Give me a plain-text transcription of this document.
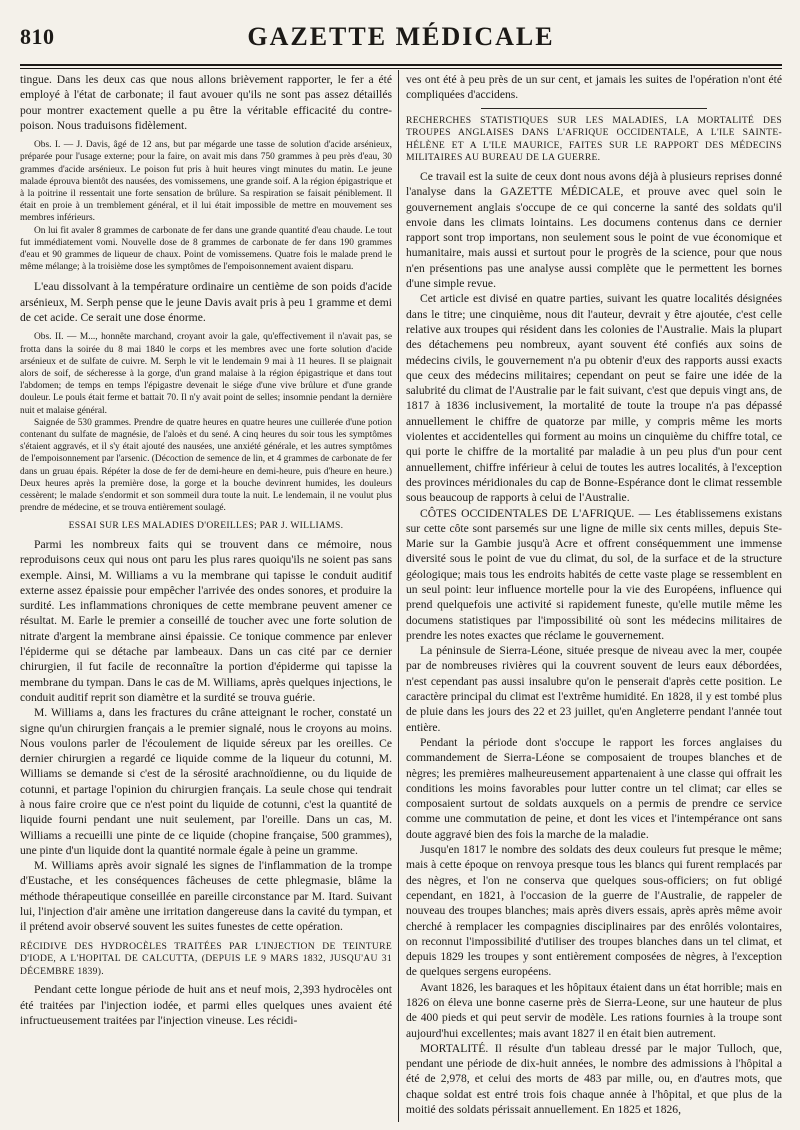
810	GAZETTE MÉDICALE

tingue. Dans les deux cas que nous allons brièvement rapporter, le fer a été employé à l'état de carbonate; il faut avouer qu'ils ne sont pas assez détaillés pour montrer exactement quelle a pu être la véritable efficacité du contre-poison. Nous traduisons fidèlement.

Obs. I. — J. Davis, âgé de 12 ans, but par mégarde une tasse de solution d'acide arsénieux, préparée pour l'usage externe; pour la faire, on avait mis dans 750 grammes à peu près d'eau, 30 grammes d'acide arsénieux. Le poison fut pris à huit heures vingt minutes du matin. Le jeune malade éprouva bientôt des nausées, des vomissemens, une grande soif. A la région épigastrique et à la poitrine il ressentait une forte sensation de brûlure. Sa respiration se faisait péniblement. Il était en proie à un tremblement général, et il lui était impossible de mettre en mouvement ses membres inférieurs.

On lui fit avaler 8 grammes de carbonate de fer dans une grande quantité d'eau chaude. Le tout fut immédiatement vomi. Nouvelle dose de 8 grammes de carbonate de fer dans 190 grammes d'eau et 90 grammes de liqueur de chaux. Point de vomissemens. Quatre fois le malade prend le même mélange; à la troisième dose les symptômes de l'empoisonnement avaient disparu.

L'eau dissolvant à la température ordinaire un centième de son poids d'acide arsénieux, M. Serph pense que le jeune Davis avait pris à peu 1 gramme et demi de cet acide. Ce serait une dose énorme.

Obs. II. — M..., honnête marchand, croyant avoir la gale, qu'effectivement il n'avait pas, se frotta dans la soirée du 8 mai 1840 le corps et les membres avec une forte solution d'acide arsénieux et de sulfate de cuivre. M. Serph le vit le lendemain 9 mai à 11 heures. Il se plaignait alors de soif, de sécheresse à la gorge, d'un grand malaise à la région épigastrique et dans tout l'abdomen; de temps en temps l'épigastre devenait le siége d'une vive brûlure et d'une grande douleur. Le pouls était ferme et battait 70. Il n'y avait point de selles; insomnie pendant la dernière nuit et malaise général.

Saignée de 530 grammes. Prendre de quatre heures en quatre heures une cuillerée d'une potion contenant du sulfate de magnésie, de l'aloès et du sené. A cinq heures du soir tous les symptômes s'étaient aggravés, et il s'y était ajouté des nausées, une anxiété générale, et les autres symptômes de l'empoisonnement par l'arsenic. (Décoction de semence de lin, et 4 grammes de carbonate de fer dans un gruau épais. Répéter la dose de fer de demi-heure en demi-heure, puis d'heure en heure.) Deux heures après la première dose, la gorge et la bouche devinrent humides, les douleurs cessèrent; le malade s'endormit et son sommeil dura toute la nuit. Le lendemain, il ne voulut plus prendre de médecine, et se trouva entièrement soulagé.

ESSAI SUR LES MALADIES D'OREILLES; PAR J. WILLIAMS.

Parmi les nombreux faits qui se trouvent dans ce mémoire, nous reproduisons ceux qui nous ont paru les plus rares quoiqu'ils ne soient pas sans exemple. Ainsi, M. Williams a vu la membrane qui tapisse le conduit auditif externe assez épaissie pour empêcher l'arrivée des ondes sonores, et produire la surdité. Les inflammations chroniques de cette membrane peuvent amener ce résultat. M. Earle le premier a conseillé de toucher avec une forte solution de nitrate d'argent la membrane ainsi épaissie. Ce tonique commence par enlever l'épiderme qui se détache par lambeaux. Dans un cas cité par ce dernier chirurgien, il fut facile de reconnaître la portion d'épiderme qui tapisse la membrane du tympan. Dans le cas de M. Williams, après quelques injections, le conduit auditif reprit son diamètre et la surdité se trouva guérie.

M. Williams a, dans les fractures du crâne atteignant le rocher, constaté un signe qu'un chirurgien français a le premier signalé, nous le croyons au moins. Nous voulons parler de l'écoulement de liquide séreux par les oreilles. Ce dernier chirurgien a regardé ce liquide comme de la liqueur du cotunni, M. Williams se demande si c'est de la sérosité arachnoïdienne, ou du liquide de cotunni, et partage l'opinion du chirurgien français. La seule chose qui tendrait à nous faire croire que ce n'est point du liquide de cotunni, c'est la quantité de liquide fourni pendant une nuit seulement, par l'oreille. Dans un cas, M. Williams a recueilli une pinte de ce liquide (chopine française, 500 grammes), une pinte d'un liquide dont la quantité normale égale à peine un gramme.

M. Williams après avoir signalé les signes de l'inflammation de la trompe d'Eustache, et les conséquences fâcheuses de cette phlegmasie, blâme la méthode thérapeutique conseillée en pareille circonstance par M. Itard. Suivant lui, l'injection d'air amène une irritation dangereuse dans la cavité du tympan, et il prétend avoir observé souvent les suites funestes de cette opération.

RÉCIDIVE DES HYDROCÈLES TRAITÉES PAR L'INJECTION DE TEINTURE D'IODE, A L'HOPITAL DE CALCUTTA, (DEPUIS LE 9 MARS 1832, JUSQU'AU 31 DÉCEMBRE 1839).

Pendant cette longue période de huit ans et neuf mois, 2,393 hydrocèles ont été traitées par l'injection iodée, et parmi elles quelques unes avaient été infructueusement traitées par l'injection vineuse. Les récidi-

ves ont été à peu près de un sur cent, et jamais les suites de l'opération n'ont été compliquées d'accidens.

RECHERCHES STATISTIQUES SUR LES MALADIES, LA MORTALITÉ DES TROUPES ANGLAISES DANS L'AFRIQUE OCCIDENTALE, A L'ILE SAINTE-HÉLÈNE ET A L'ILE MAURICE, FAITES SUR LE RAPPORT DES MÉDECINS MILITAIRES AU BUREAU DE LA GUERRE.

Ce travail est la suite de ceux dont nous avons déjà à plusieurs reprises donné l'analyse dans la GAZETTE MÉDICALE, et prouve avec quel soin le gouvernement anglais s'occupe de ce qui concerne la santé des soldats qu'il envoie dans les climats lointains. Les documens contenus dans ce dernier rapport sont trop importans, non seulement sous le point de vue économique et humanitaire, mais aussi et surtout pour le progrès de la science, pour que nous n'en présentions pas une analyse aussi complète que le permettent les bornes d'une simple revue.

Cet article est divisé en quatre parties, suivant les quatre localités désignées dans le titre; une cinquième, nous dit l'auteur, devrait y être ajoutée, c'est celle relative aux troupes qui résident dans les colonies de l'Australie. Mais la plupart des détachemens peu nombreux, ayant souvent été confiés aux soins de médecins civils, le gouvernement n'a pu obtenir d'eux des rapports aussi exacts que ceux des médecins militaires; cependant on peut se faire une idée de la salubrité du climat de l'Australie par le fait suivant, c'est que depuis vingt ans, de 1817 à 1836 inclusivement, la mortalité de toute la troupe n'a pas dépassé annuellement le chiffre de quatorze par mille, y compris même les morts violentes et accidentelles qui forment au moins un cinquième du chiffre total, ce qui porte le chiffre de la mortalité par maladie à un peu plus d'un pour cent annuellement, chiffre inférieur à celui de toutes les autres localités, à l'exception des provinces méridionales du cap de Bonne-Espérance dont le climat ressemble sous beaucoup de rapports à celui de l'Australie.

CÔTES OCCIDENTALES DE L'AFRIQUE. — Les établissemens existans sur cette côte sont parsemés sur une ligne de mille six cents milles, depuis Ste-Marie sur la Gambie jusqu'à Acre et offrent conséquemment une immense diversité sous le point de vue du climat, du sol, de la surface et de la structure géologique; mais tous les endroits habités de cette vaste plage se ressemblent en un seul point: leur influence mortelle pour la vie des Européens, influence qui prend quelquefois une activité si rapidement funeste, qu'elle mutile même les documens statistiques par l'impossibilité où sont les médecins militaires de prendre les notes exactes que réclame le gouvernement.

La péninsule de Sierra-Léone, située presque de niveau avec la mer, coupée par de nombreuses rivières qui la couvrent souvent de leurs eaux débordées, n'est cependant pas aussi insalubre qu'on le penserait d'après cette position. Le caractère principal du climat est l'extrême humidité. En 1828, il y est tombé plus de pluie dans les jours des 22 et 23 juillet, qu'en Angleterre pendant l'année tout entière.

Pendant la période dont s'occupe le rapport les forces anglaises du commandement de Sierra-Léone se composaient de troupes blanches et de nègres; les premières malheureusement appartenaient à une classe qui offrait les conditions les moins favorables pour lutter contre un tel climat; car elles se composaient surtout de soldats auxquels on a permis de prendre ce service comme une commutation de peine, et dont les vices et l'intempérance ont sans doute aggravé bien des fois la marche de la maladie.

Jusqu'en 1817 le nombre des soldats des deux couleurs fut presque le même; mais à cette époque on renvoya presque tous les blancs qui furent remplacés par des nègres, et l'on ne conserva que quelques sous-officiers; on fut obligé cependant, en 1821, à l'occasion de la guerre de l'Australie, de rappeler de nouveau des troupes blanches; mais après divers essais, après après même avoir cherché à remplacer les compagnies disciplinaires par des enrôlés volontaires, on reconnut l'impossibilité d'utiliser des troupes blanches dans un tel climat, et depuis 1829 les troupes y sont entièrement composées de nègres, à l'exception de quelques sergens européens.

Avant 1826, les baraques et les hôpitaux étaient dans un état horrible; mais en 1826 on éleva une bonne caserne près de Sierra-Leone, sur une hauteur de plus de 400 pieds et qui peut servir de modèle. Les rations fournies à la troupe sont aujourd'hui excellentes; mais avant 1827 il en était bien autrement.

MORTALITÉ. Il résulte d'un tableau dressé par le major Tulloch, que, pendant une période de dix-huit années, le nombre des admissions à l'hôpital a été de 2,978, et celui des morts de 483 par mille, ou, en d'autres mots, que chaque soldat est entré trois fois chaque année à l'hôpital, et que plus de la moitié des soldats périssait annuellement. En 1825 et 1826,
